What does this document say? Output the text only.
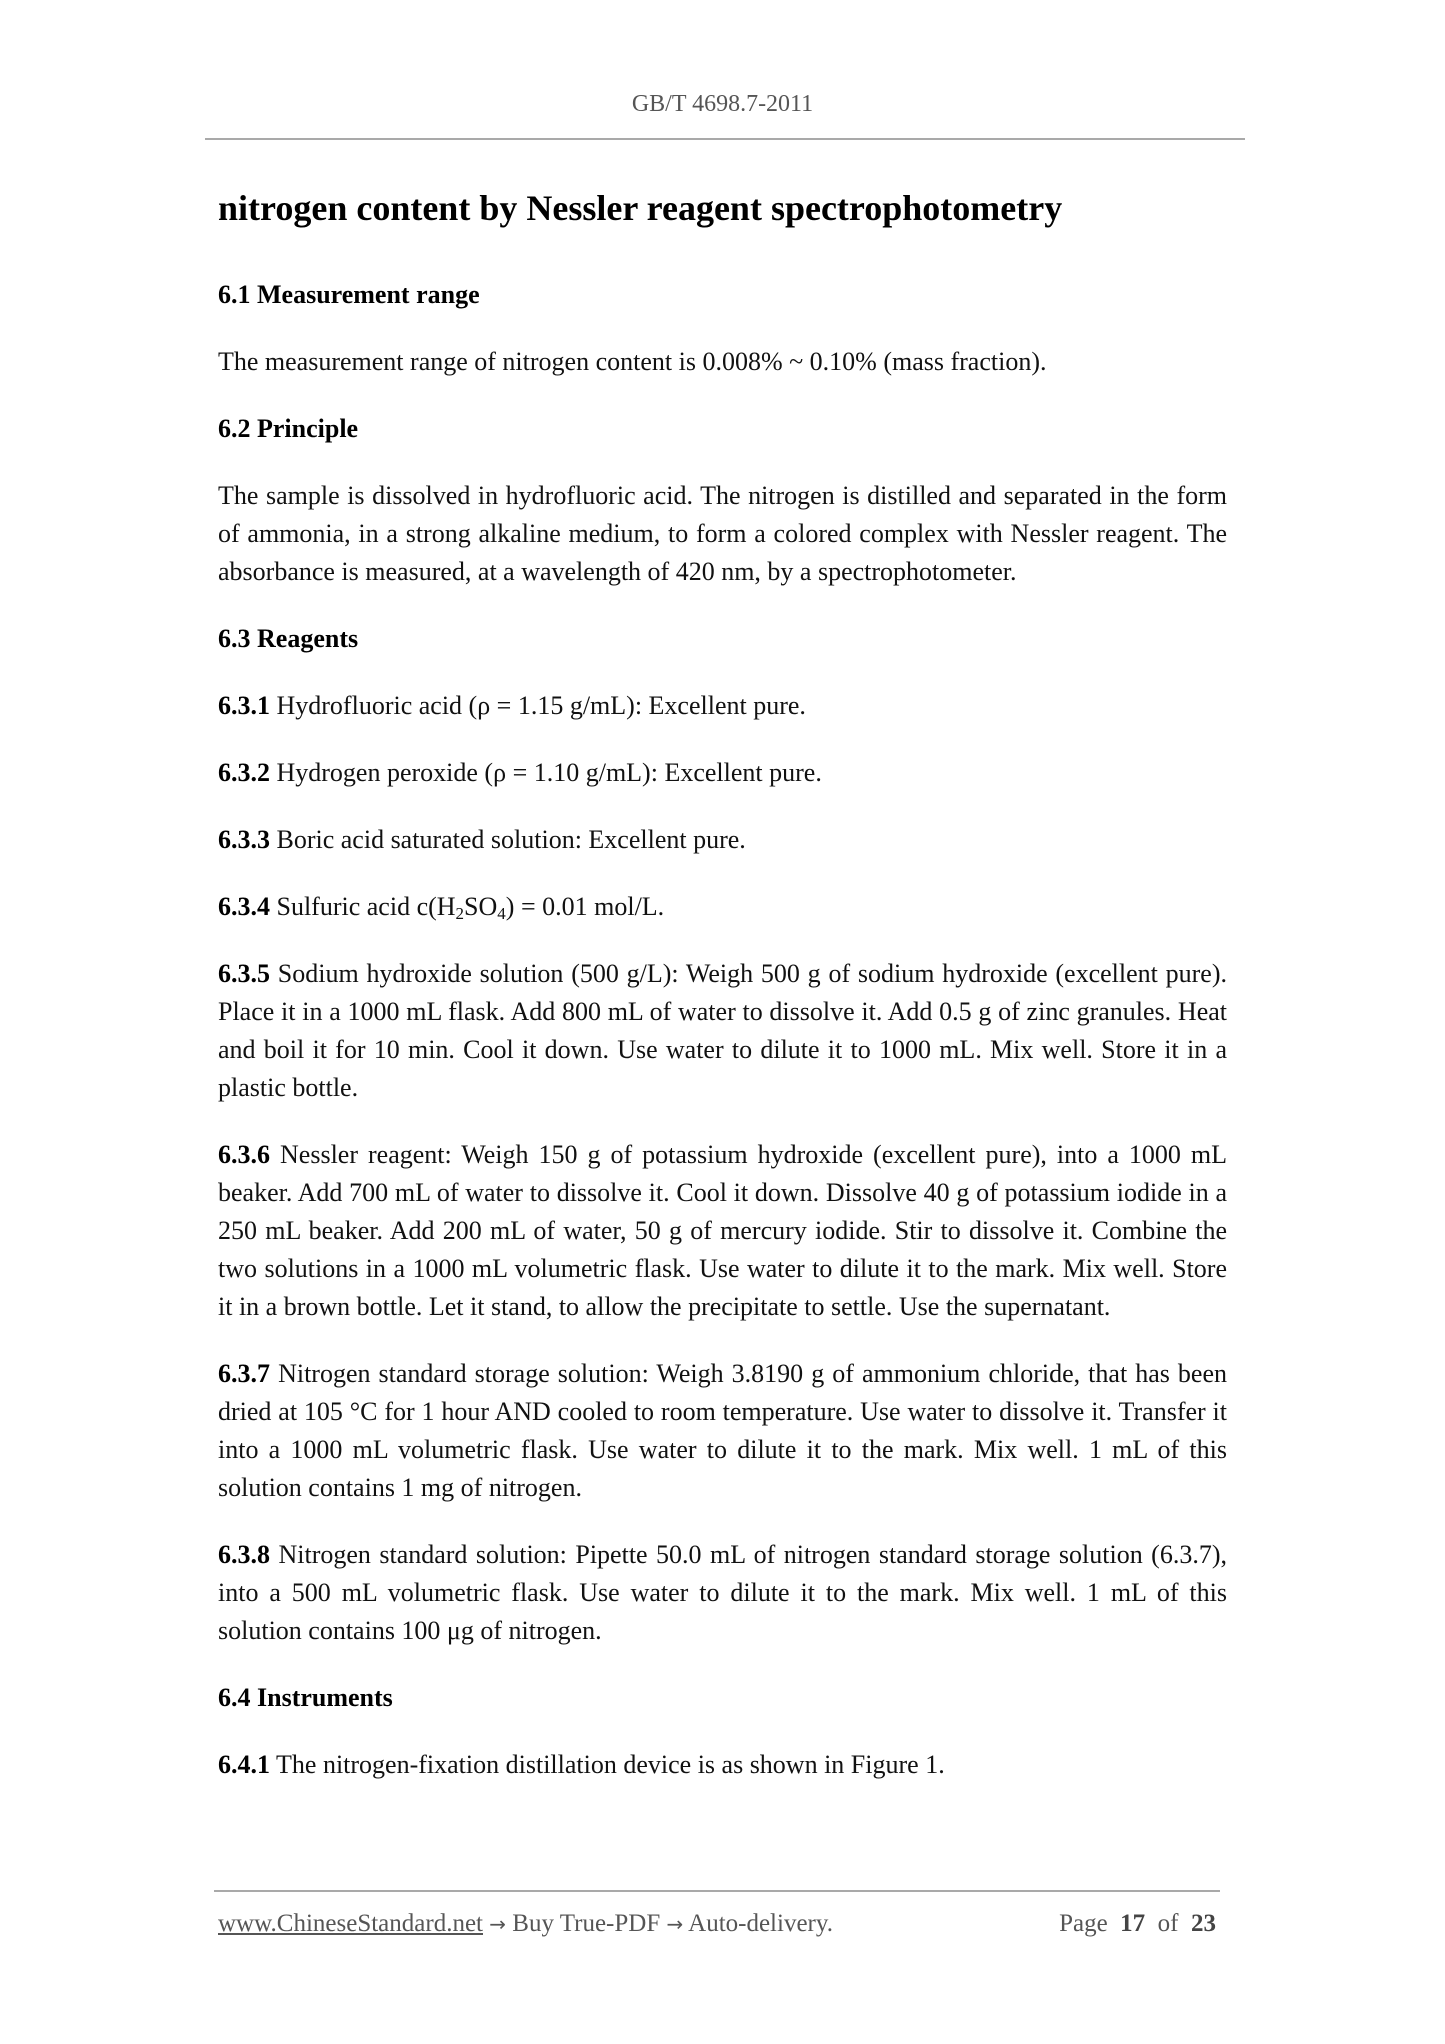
GB/T 4698.7-2011
nitrogen content by Nessler reagent spectrophotometry
6.1 Measurement range

The measurement range of nitrogen content is 0.008% ~ 0.10% (mass fraction).

6.2 Principle

The sample is dissolved in hydrofluoric acid. The nitrogen is distilled and separated in the form of ammonia, in a strong alkaline medium, to form a colored complex with Nessler reagent. The absorbance is measured, at a wavelength of 420 nm, by a spectrophotometer.

6.3 Reagents

6.3.1 Hydrofluoric acid (ρ = 1.15 g/mL): Excellent pure.

6.3.2 Hydrogen peroxide (ρ = 1.10 g/mL): Excellent pure.

6.3.3 Boric acid saturated solution: Excellent pure.

6.3.4 Sulfuric acid $c(H_2SO_4) = 0.01$ mol/L.

6.3.5 Sodium hydroxide solution (500 g/L): Weigh 500 g of sodium hydroxide (excellent pure). Place it in a 1000 mL flask. Add 800 mL of water to dissolve it. Add 0.5 g of zinc granules. Heat and boil it for 10 min. Cool it down. Use water to dilute it to 1000 mL. Mix well. Store it in a plastic bottle.

6.3.6 Nessler reagent: Weigh 150 g of potassium hydroxide (excellent pure), into a 1000 mL beaker. Add 700 mL of water to dissolve it. Cool it down. Dissolve 40 g of potassium iodide in a 250 mL beaker. Add 200 mL of water, 50 g of mercury iodide. Stir to dissolve it. Combine the two solutions in a 1000 mL volumetric flask. Use water to dilute it to the mark. Mix well. Store it in a brown bottle. Let it stand, to allow the precipitate to settle. Use the supernatant.

6.3.7 Nitrogen standard storage solution: Weigh 3.8190 g of ammonium chloride, that has been dried at 105 °C for 1 hour AND cooled to room temperature. Use water to dissolve it. Transfer it into a 1000 mL volumetric flask. Use water to dilute it to the mark. Mix well. 1 mL of this solution contains 1 mg of nitrogen.

6.3.8 Nitrogen standard solution: Pipette 50.0 mL of nitrogen standard storage solution (6.3.7), into a 500 mL volumetric flask. Use water to dilute it to the mark. Mix well. 1 mL of this solution contains 100 μg of nitrogen.

6.4 Instruments

6.4.1 The nitrogen-fixation distillation device is as shown in Figure 1.

www.ChineseStandard.net → Buy True-PDF → Auto-delivery.	Page 17 of 23
